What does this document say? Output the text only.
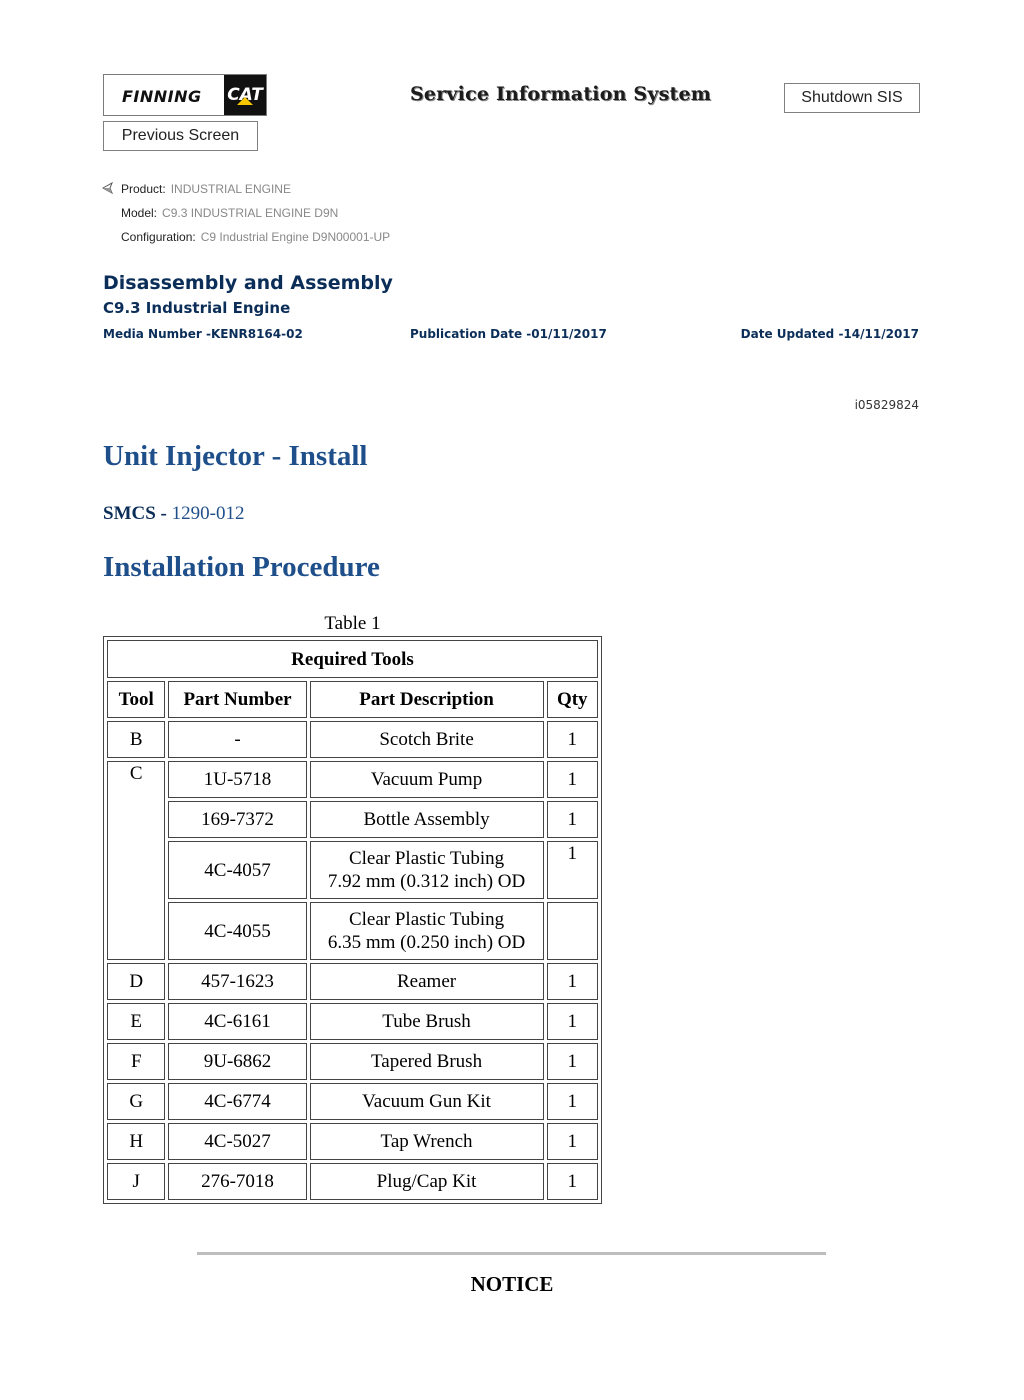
FINNING CAT	Service Information System	Shutdown SIS
Previous Screen
Product: INDUSTRIAL ENGINE
Model: C9.3 INDUSTRIAL ENGINE D9N
Configuration: C9 Industrial Engine D9N00001-UP
Disassembly and Assembly
C9.3 Industrial Engine
Media Number -KENR8164-02	Publication Date -01/11/2017	Date Updated -14/11/2017
i05829824
Unit Injector - Install
SMCS - 1290-012
Installation Procedure
Table 1
Required Tools			
Tool	Part Number	Part Description	Qty
B	-	Scotch Brite	1
C	1U-5718	Vacuum Pump	1
	169-7372	Bottle Assembly	1
	4C-4057	Clear Plastic Tubing
7.92 mm (0.312 inch) OD	1
	4C-4055	Clear Plastic Tubing
6.35 mm (0.250 inch) OD	

D	457-1623	Reamer	1
E	4C-6161	Tube Brush	1
F	9U-6862	Tapered Brush	1
G	4C-6774	Vacuum Gun Kit	1
H	4C-5027	Tap Wrench	1
J	276-7018	Plug/Cap Kit	1
NOTICE
